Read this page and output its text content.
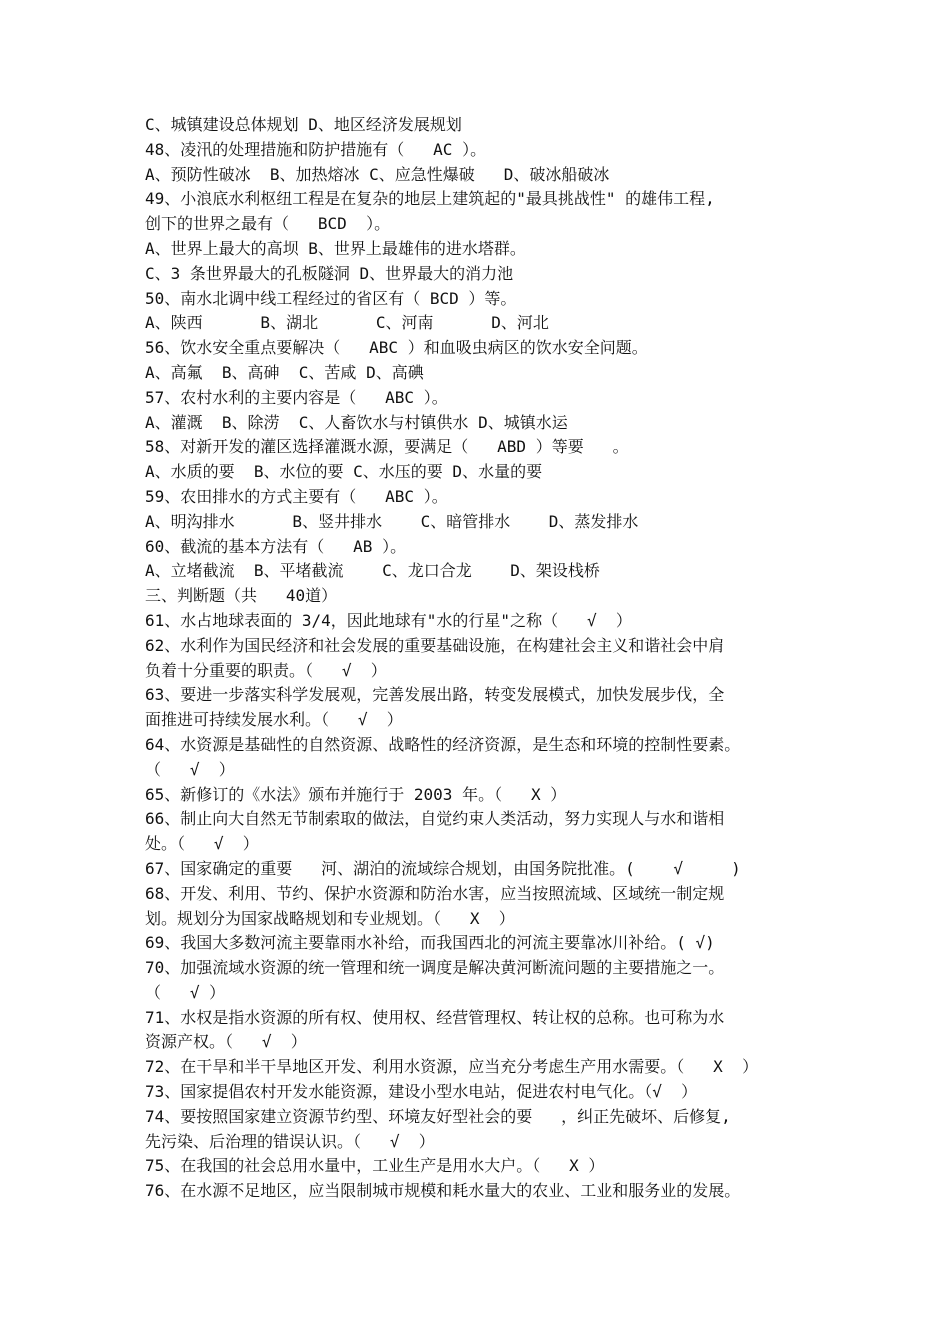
C、城镇建设总体规划 D、地区经济发展规划
48、凌汛的处理措施和防护措施有（   AC ）。
A、预防性破冰  B、加热熔冰 C、应急性爆破   D、破冰船破冰
49、小浪底水利枢纽工程是在复杂的地层上建筑起的"最具挑战性" 的雄伟工程,
创下的世界之最有（   BCD  ）。
A、世界上最大的高坝 B、世界上最雄伟的进水塔群。
C、3 条世界最大的孔板隧洞 D、世界最大的消力池
50、南水北调中线工程经过的省区有（ BCD ）等。
A、陕西      B、湖北      C、河南      D、河北
56、饮水安全重点要解决（   ABC ）和血吸虫病区的饮水安全问题。
A、高氟  B、高砷  C、苦咸 D、高碘
57、农村水利的主要内容是（   ABC ）。
A、灌溉  B、除涝  C、人畜饮水与村镇供水 D、城镇水运
58、对新开发的灌区选择灌溉水源，要满足（   ABD ）等要   。
A、水质的要  B、水位的要 C、水压的要 D、水量的要
59、农田排水的方式主要有（   ABC ）。
A、明沟排水      B、竖井排水    C、暗管排水    D、蒸发排水
60、截流的基本方法有（   AB ）。
A、立堵截流  B、平堵截流    C、龙口合龙    D、架设栈桥
三、判断题（共   40道）
61、水占地球表面的 3/4，因此地球有"水的行星"之称（   √  ）
62、水利作为国民经济和社会发展的重要基础设施，在构建社会主义和谐社会中肩
负着十分重要的职责。（   √  ）
63、要进一步落实科学发展观，完善发展出路，转变发展模式，加快发展步伐，全
面推进可持续发展水利。（   √  ）
64、水资源是基础性的自然资源、战略性的经济资源，是生态和环境的控制性要素。
（   √  ）
65、新修订的《水法》颁布并施行于 2003 年。（   X ）
66、制止向大自然无节制索取的做法，自觉约束人类活动，努力实现人与水和谐相
处。（   √  ）
67、国家确定的重要   河、湖泊的流域综合规划，由国务院批准。(    √     )
68、开发、利用、节约、保护水资源和防治水害，应当按照流域、区域统一制定规
划。规划分为国家战略规划和专业规划。（   X  ）
69、我国大多数河流主要靠雨水补给，而我国西北的河流主要靠冰川补给。( √)
70、加强流域水资源的统一管理和统一调度是解决黄河断流问题的主要措施之一。
（   √ ）
71、水权是指水资源的所有权、使用权、经营管理权、转让权的总称。也可称为水
资源产权。（   √  ）
72、在干旱和半干旱地区开发、利用水资源，应当充分考虑生产用水需要。（   X  ）
73、国家提倡农村开发水能资源，建设小型水电站，促进农村电气化。（√  ）
74、要按照国家建立资源节约型、环境友好型社会的要   ，纠正先破坏、后修复,
先污染、后治理的错误认识。（   √  ）
75、在我国的社会总用水量中，工业生产是用水大户。（   X ）
76、在水源不足地区，应当限制城市规模和耗水量大的农业、工业和服务业的发展。
